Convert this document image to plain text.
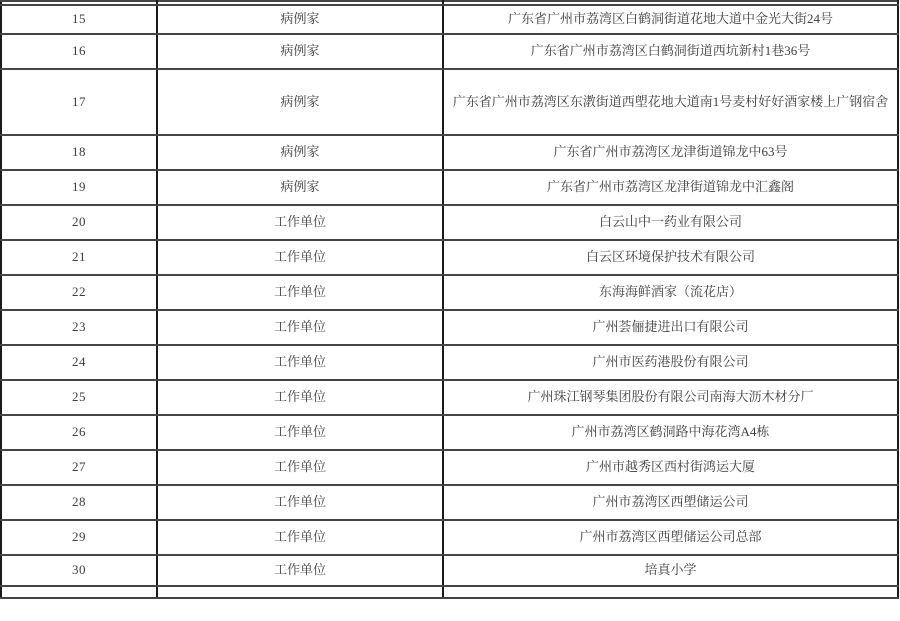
15	病例家	广东省广州市荔湾区白鹤洞街道花地大道中金光大街24号
16	病例家	广东省广州市荔湾区白鹤洞街道西坑新村1巷36号
17	病例家	广东省广州市荔湾区东漖街道西塱花地大道南1号麦村好好酒家楼上广钢宿舍
18	病例家	广东省广州市荔湾区龙津街道锦龙中63号
19	病例家	广东省广州市荔湾区龙津街道锦龙中汇鑫阁
20	工作单位	白云山中一药业有限公司
21	工作单位	白云区环境保护技术有限公司
22	工作单位	东海海鲜酒家（流花店）
23	工作单位	广州荟俪捷进出口有限公司
24	工作单位	广州市医药港股份有限公司
25	工作单位	广州珠江钢琴集团股份有限公司南海大沥木材分厂
26	工作单位	广州市荔湾区鹤洞路中海花湾A4栋
27	工作单位	广州市越秀区西村街鸿运大厦
28	工作单位	广州市荔湾区西塱储运公司
29	工作单位	广州市荔湾区西塱储运公司总部
30	工作单位	培真小学
